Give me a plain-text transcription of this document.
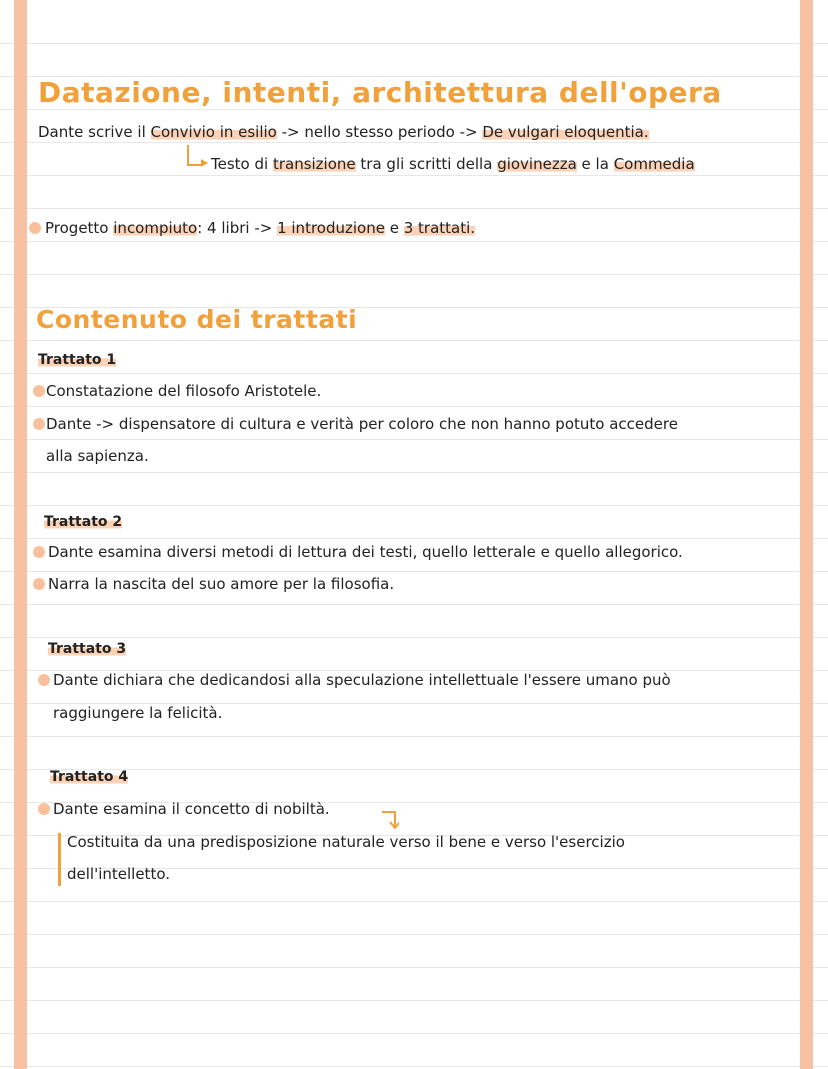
Datazione, intenti, architettura dell'opera
Dante scrive il Convivio in esilio -> nello stesso periodo -> De vulgari eloquentia.
Testo di transizione tra gli scritti della giovinezza e la Commedia
Progetto incompiuto: 4 libri -> 1 introduzione e 3 trattati.
Contenuto dei trattati
Trattato 1
Constatazione del filosofo Aristotele.
Dante -> dispensatore di cultura e verità per coloro che non hanno potuto accedere
alla sapienza.
Trattato 2
Dante esamina diversi metodi di lettura dei testi, quello letterale e quello allegorico.
Narra la nascita del suo amore per la filosofia.
Trattato 3
Dante dichiara che dedicandosi alla speculazione intellettuale l'essere umano può
raggiungere la felicità.
Trattato 4
Dante esamina il concetto di nobiltà.
Costituita da una predisposizione naturale verso il bene e verso l'esercizio
dell'intelletto.
